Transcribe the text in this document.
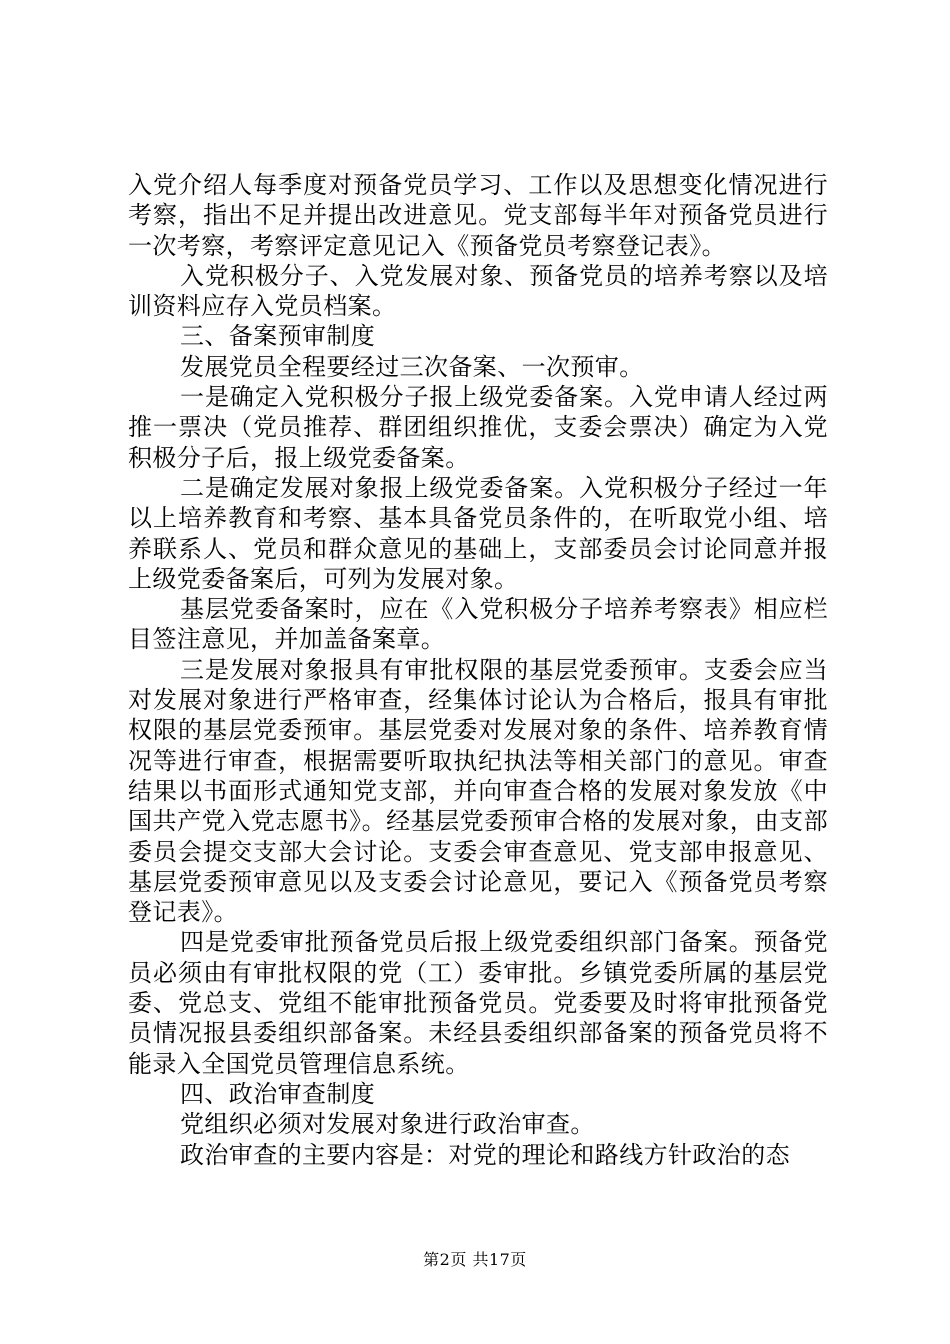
入党介绍人每季度对预备党员学习、工作以及思想变化情况进行考察，指出不足并提出改进意见。党支部每半年对预备党员进行一次考察，考察评定意见记入《预备党员考察登记表》。

入党积极分子、入党发展对象、预备党员的培养考察以及培训资料应存入党员档案。

三、备案预审制度

发展党员全程要经过三次备案、一次预审。

一是确定入党积极分子报上级党委备案。入党申请人经过两推一票决（党员推荐、群团组织推优，支委会票决）确定为入党积极分子后，报上级党委备案。

二是确定发展对象报上级党委备案。入党积极分子经过一年以上培养教育和考察、基本具备党员条件的，在听取党小组、培养联系人、党员和群众意见的基础上，支部委员会讨论同意并报上级党委备案后，可列为发展对象。

基层党委备案时，应在《入党积极分子培养考察表》相应栏目签注意见，并加盖备案章。

三是发展对象报具有审批权限的基层党委预审。支委会应当对发展对象进行严格审查，经集体讨论认为合格后，报具有审批权限的基层党委预审。基层党委对发展对象的条件、培养教育情况等进行审查，根据需要听取执纪执法等相关部门的意见。审查结果以书面形式通知党支部，并向审查合格的发展对象发放《中国共产党入党志愿书》。经基层党委预审合格的发展对象，由支部委员会提交支部大会讨论。支委会审查意见、党支部申报意见、基层党委预审意见以及支委会讨论意见，要记入《预备党员考察登记表》。

四是党委审批预备党员后报上级党委组织部门备案。预备党员必须由有审批权限的党（工）委审批。乡镇党委所属的基层党委、党总支、党组不能审批预备党员。党委要及时将审批预备党员情况报县委组织部备案。未经县委组织部备案的预备党员将不能录入全国党员管理信息系统。

四、政治审查制度

党组织必须对发展对象进行政治审查。

政治审查的主要内容是：对党的理论和路线方针政治的态

第2页 共17页
